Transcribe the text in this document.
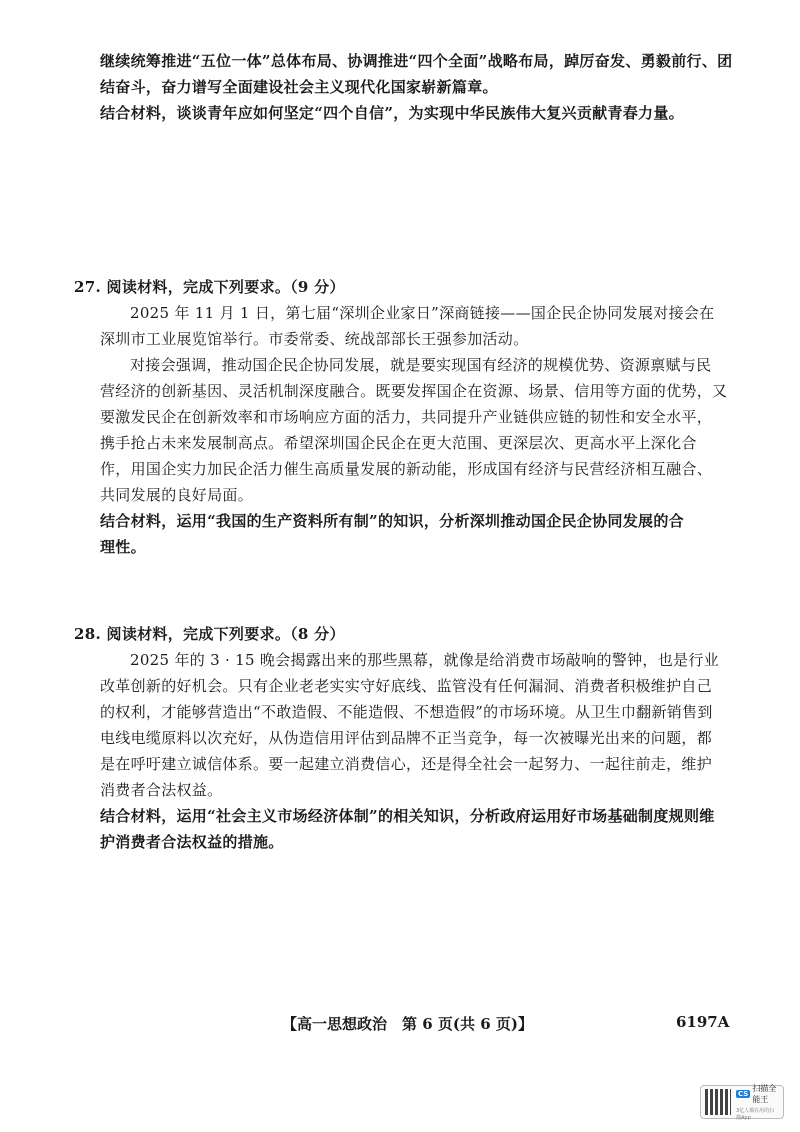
继续统筹推进“五位一体”总体布局、协调推进“四个全面”战略布局，踔厉奋发、勇毅前行、团
结奋斗，奋力谱写全面建设社会主义现代化国家崭新篇章。
结合材料，谈谈青年应如何坚定“四个自信”，为实现中华民族伟大复兴贡献青春力量。
27. 阅读材料，完成下列要求。（9 分）
2025 年 11 月 1 日，第七届“深圳企业家日”深商链接——国企民企协同发展对接会在
深圳市工业展览馆举行。市委常委、统战部部长王强参加活动。
对接会强调，推动国企民企协同发展，就是要实现国有经济的规模优势、资源禀赋与民
营经济的创新基因、灵活机制深度融合。既要发挥国企在资源、场景、信用等方面的优势，又
要激发民企在创新效率和市场响应方面的活力，共同提升产业链供应链的韧性和安全水平，
携手抢占未来发展制高点。希望深圳国企民企在更大范围、更深层次、更高水平上深化合
作，用国企实力加民企活力催生高质量发展的新动能，形成国有经济与民营经济相互融合、
共同发展的良好局面。
结合材料，运用“我国的生产资料所有制”的知识，分析深圳推动国企民企协同发展的合
理性。
28. 阅读材料，完成下列要求。（8 分）
2025 年的 3 · 15 晚会揭露出来的那些黑幕，就像是给消费市场敲响的警钟，也是行业
改革创新的好机会。只有企业老老实实守好底线、监管没有任何漏洞、消费者积极维护自己
的权利，才能够营造出“不敢造假、不能造假、不想造假”的市场环境。从卫生巾翻新销售到
电线电缆原料以次充好，从伪造信用评估到品牌不正当竞争，每一次被曝光出来的问题，都
是在呼吁建立诚信体系。要一起建立消费信心，还是得全社会一起努力、一起往前走，维护
消费者合法权益。
结合材料，运用“社会主义市场经济体制”的相关知识，分析政府运用好市场基础制度规则维
护消费者合法权益的措施。
【高一思想政治　第 6 页(共 6 页)】	6197A
CS
扫描全能王
3亿人都在用的扫描App
